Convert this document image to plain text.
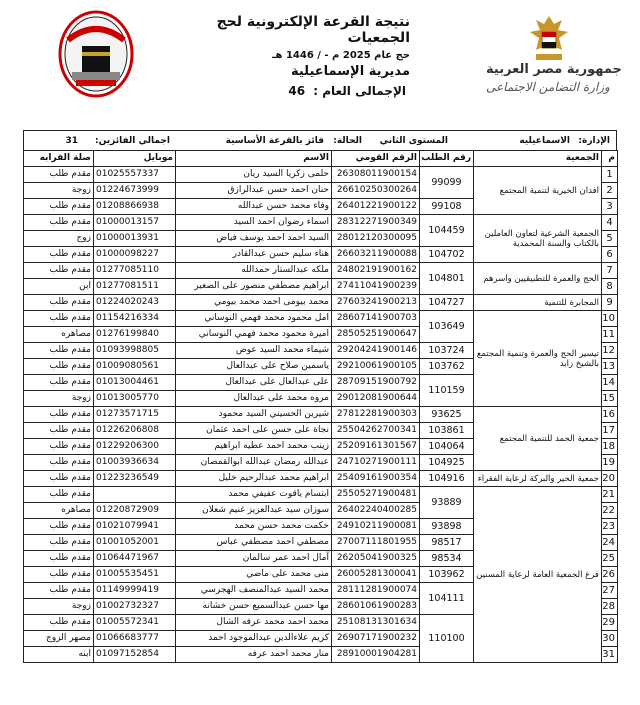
جمهورية مصر العربية
وزارة التضامن الاجتماعى
نتيجة القرعة الإلكترونية لحج الجمعيات
حج عام 2025 م - / 1446 هـ
مديرية الإسماعيلية
الإجمالى العام : 46
الإدارة:
الاسماعيليه
المستوى الثاني
الحالة:
فائز بالقرعة الأساسية
اجمالي الفائزين:
31
م	الجمعية	رقم الطلب	الرقم القومي	الاسم	موبايل	صلة القرابه
1	افدان الخيرية لتنمية المجتمع	99099	26308011900154	حلمى زكريا السيد ريان	01025557337	مقدم طلب
2			26610250300264	حنان احمد حسن عبدالرازق	01224673999	زوجة
3		99108	26401221900122	وفاء محمد حسن عبدالله	01208866938	مقدم طلب
4	الجمعية الشرعية لتعاون العاملين بالكتاب والسنة المحمدية	104459	28312271900349	اسماء رضوان احمد السيد	01000013157	مقدم طلب
5			28012120300095	السيد احمد احمد يوسف فياض	01000013931	زوج
6		104702	26603211900088	هناء سليم حسن عبدالقادر	01000098227	مقدم طلب
7	الحج والعمرة للتطبيقيين واسرهم	104801	24802191900162	ملكه عبدالستار حمدالله	01277085110	مقدم طلب
8			27411041900239	ابراهيم مصطفي منصور على الصغير	01277081511	ابن
9	المجابرة للتنمية	104727	27603241900213	محمد بيومى احمد محمد بيومي	01224020243	مقدم طلب
10	تيسير الحج والعمرة وتنمية المجتمع بالشيخ زايد	103649	28607141900703	امل محمود محمد فهمي النوساني	01154216334	مقدم طلب
11			28505251900647	اميرة محمود محمد فهمي النوساني	01276199840	مصاهره
12		103724	29204241900146	شيماء محمد السيد عوض	01093998805	مقدم طلب
13		103762	29210061900105	ياسمين صلاح على عبدالعال	01009080561	مقدم طلب
14		110159	28709151900792	على عبدالعال على عبدالعال	01013004461	مقدم طلب
15			29012081900644	مروه محمد على عبدالعال	01013005770	زوجة
16	جمعية الحمد للتنمية المجتمع	93625	27812281900303	شيرين الحسيني السيد محمود	01273571715	مقدم طلب
17		103861	25504262700341	نجاة على حسن على احمد عثمان	01226206808	مقدم طلب
18		104064	25209161301567	زينب محمد احمد عطيه ابراهيم	01229206300	مقدم طلب
19		104925	24710271900111	عبدالله رمضان عبدالله ابوالقمصان	01003936634	مقدم طلب
20	جمعية الخير والبركة لرعاية الفقراء	104916	25409161900354	ابراهيم محمد عبدالرحيم خليل	01223236549	مقدم طلب
21	فرع الجمعية العامة لرعاية المسنين	93889	25505271900481	ابتسام ياقوت عفيفي محمد		مقدم طلب
22			26402240400285	سوزان سيد عبدالعزيز غنيم شعلان	01220872909	مصاهره
23		93898	24910211900081	حكمت محمد حسن محمد	01021079941	مقدم طلب
24		98517	27007111801955	مصطفي احمد مصطفي عباس	01001052001	مقدم طلب
25		98534	26205041900325	آمال احمد عمر سالمان	01064471967	مقدم طلب
26		103962	26005281300041	منى محمد على ماضي	01005535451	مقدم طلب
27		104111	28111281900074	محمد السيد عبدالمنصف الهجرسي	01149999419	مقدم طلب
28			28601061900283	مها حسن عبدالسميع حسن خشانه	01002732327	زوجة
29		110100	25108131301634	محمد احمد محمد عرفه الشال	01005572341	مقدم طلب
30			26907171900232	كريم علاءالدين عبدالموجود احمد	01066683777	مصهر الزوج
31			28910001904281	منار محمد احمد عرفه	01097152854	ابنه
